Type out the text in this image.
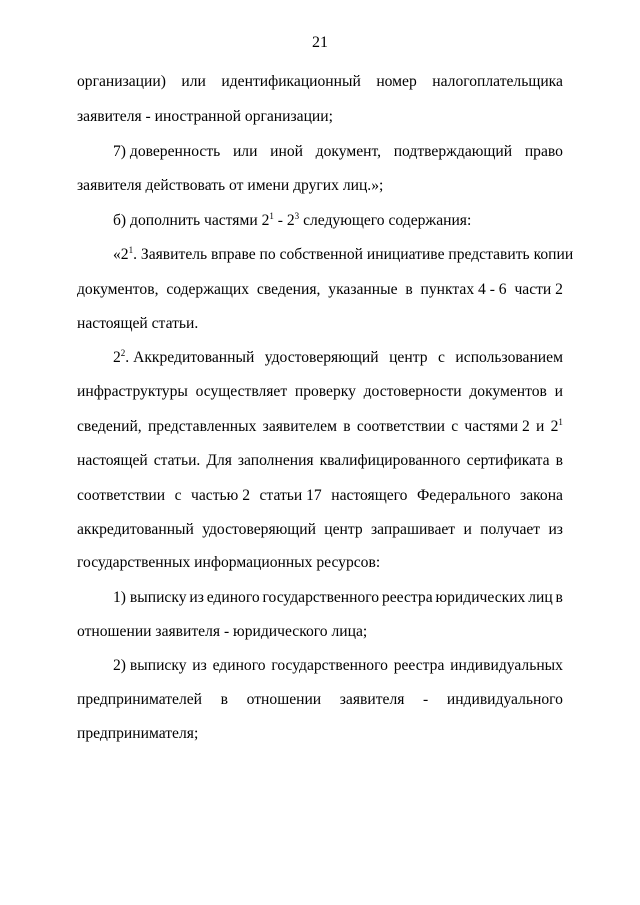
21
организации) или идентификационный номер налогоплательщика
заявителя - иностранной организации;
7) доверенность или иной документ, подтверждающий право
заявителя действовать от имени других лиц.»;
б) дополнить частями $2^1 - 2^3$ следующего содержания:
«$2^1$. Заявитель вправе по собственной инициативе представить копии
документов, содержащих сведения, указанные в пунктах 4 - 6 части 2
настоящей статьи.
$2^2$. Аккредитованный удостоверяющий центр с использованием
инфраструктуры осуществляет проверку достоверности документов и
сведений, представленных заявителем в соответствии с частями 2 и $2^1$
настоящей статьи. Для заполнения квалифицированного сертификата в
соответствии с частью 2 статьи 17 настоящего Федерального закона
аккредитованный удостоверяющий центр запрашивает и получает из
государственных информационных ресурсов:
1) выписку из единого государственного реестра юридических лиц в
отношении заявителя - юридического лица;
2) выписку из единого государственного реестра индивидуальных
предпринимателей в отношении заявителя - индивидуального
предпринимателя;
